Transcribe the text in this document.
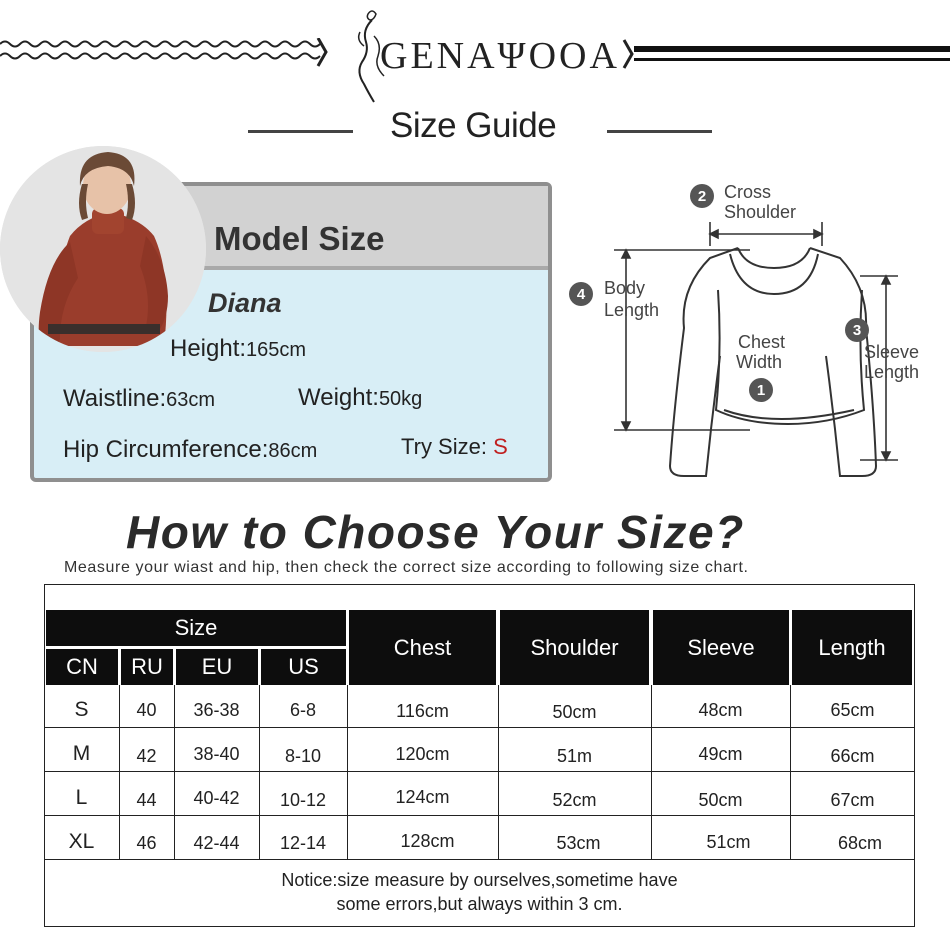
GENAΨOOA
Size Guide
Model Size
Diana
Height:165cm
Waistline:63cm	Weight:50kg
Hip Circumference:86cm	Try Size: S
2
4
3
1
Cross
Shoulder
Body
Length
Chest
Width	Sleeve
Length
How to Choose Your Size?
Measure your wiast and hip, then check the correct size according to following size chart.
Size
CN	RU	EU	US
Chest	Shoulder	Sleeve	Length
S	40	36-38	6-8	116cm	50cm	48cm	65cm
M	42	38-40	8-10	120cm	51m	49cm	66cm
L	44	40-42	10-12	124cm	52cm	50cm	67cm
XL	46	42-44	12-14	128cm	53cm	51cm	68cm
Notice:size measure by ourselves,sometime have
some errors,but always within 3 cm.
